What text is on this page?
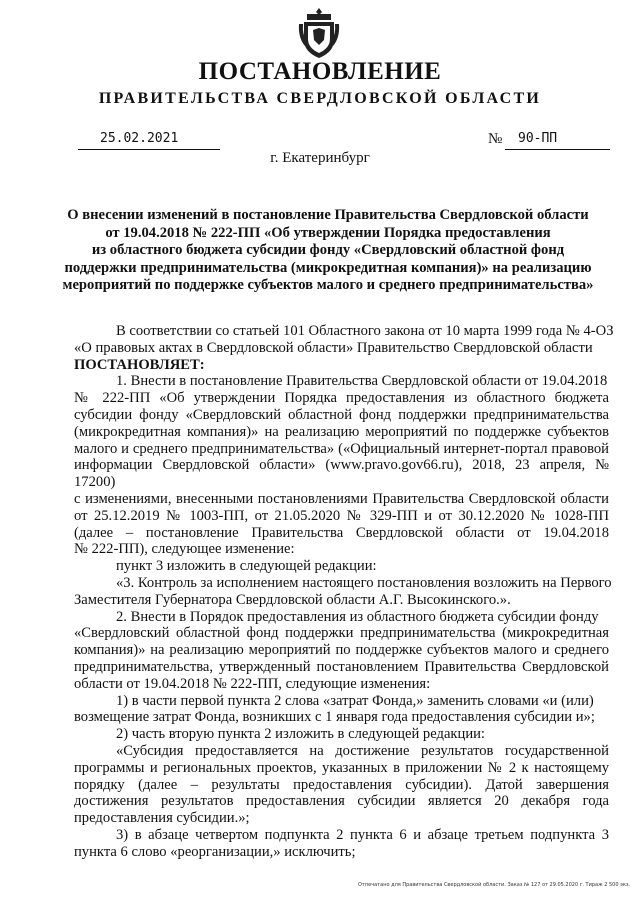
ПОСТАНОВЛЕНИЕ
ПРАВИТЕЛЬСТВА СВЕРДЛОВСКОЙ ОБЛАСТИ
25.02.2021	№	90-ПП
г. Екатеринбург
О внесении изменений в постановление Правительства Свердловской области
от 19.04.2018 № 222-ПП «Об утверждении Порядка предоставления
из областного бюджета субсидии фонду «Свердловский областной фонд
поддержки предпринимательства (микрокредитная компания)» на реализацию
мероприятий по поддержке субъектов малого и среднего предпринимательства»
В соответствии со статьей 101 Областного закона от 10 марта 1999 года № 4-ОЗ
«О правовых актах в Свердловской области» Правительство Свердловской области
ПОСТАНОВЛЯЕТ:
1. Внести в постановление Правительства Свердловской области от 19.04.2018
№ 222-ПП «Об утверждении Порядка предоставления из областного бюджета
субсидии фонду «Свердловский областной фонд поддержки предпринимательства
(микрокредитная компания)» на реализацию мероприятий по поддержке субъектов
малого и среднего предпринимательства» («Официальный интернет-портал правовой
информации Свердловской области» (www.pravo.gov66.ru), 2018, 23 апреля, № 17200)
с изменениями, внесенными постановлениями Правительства Свердловской области
от 25.12.2019 № 1003-ПП, от 21.05.2020 № 329-ПП и от 30.12.2020 № 1028-ПП
(далее – постановление Правительства Свердловской области от 19.04.2018
№ 222-ПП), следующее изменение:
пункт 3 изложить в следующей редакции:
«3. Контроль за исполнением настоящего постановления возложить на Первого
Заместителя Губернатора Свердловской области А.Г. Высокинского.».
2. Внести в Порядок предоставления из областного бюджета субсидии фонду
«Свердловский областной фонд поддержки предпринимательства (микрокредитная
компания)» на реализацию мероприятий по поддержке субъектов малого и среднего
предпринимательства, утвержденный постановлением Правительства Свердловской
области от 19.04.2018 № 222-ПП, следующие изменения:
1) в части первой пункта 2 слова «затрат Фонда,» заменить словами «и (или)
возмещение затрат Фонда, возникших с 1 января года предоставления субсидии и»;
2) часть вторую пункта 2 изложить в следующей редакции:
«Субсидия предоставляется на достижение результатов государственной
программы и региональных проектов, указанных в приложении № 2 к настоящему
порядку (далее – результаты предоставления субсидии). Датой завершения
достижения результатов предоставления субсидии является 20 декабря года
предоставления субсидии.»;
3) в абзаце четвертом подпункта 2 пункта 6 и абзаце третьем подпункта 3
пункта 6 слово «реорганизации,» исключить;
Отпечатано для Правительства Свердловской области. Заказ № 127 от 29.05.2020 г. Тираж 2 500 экз.
